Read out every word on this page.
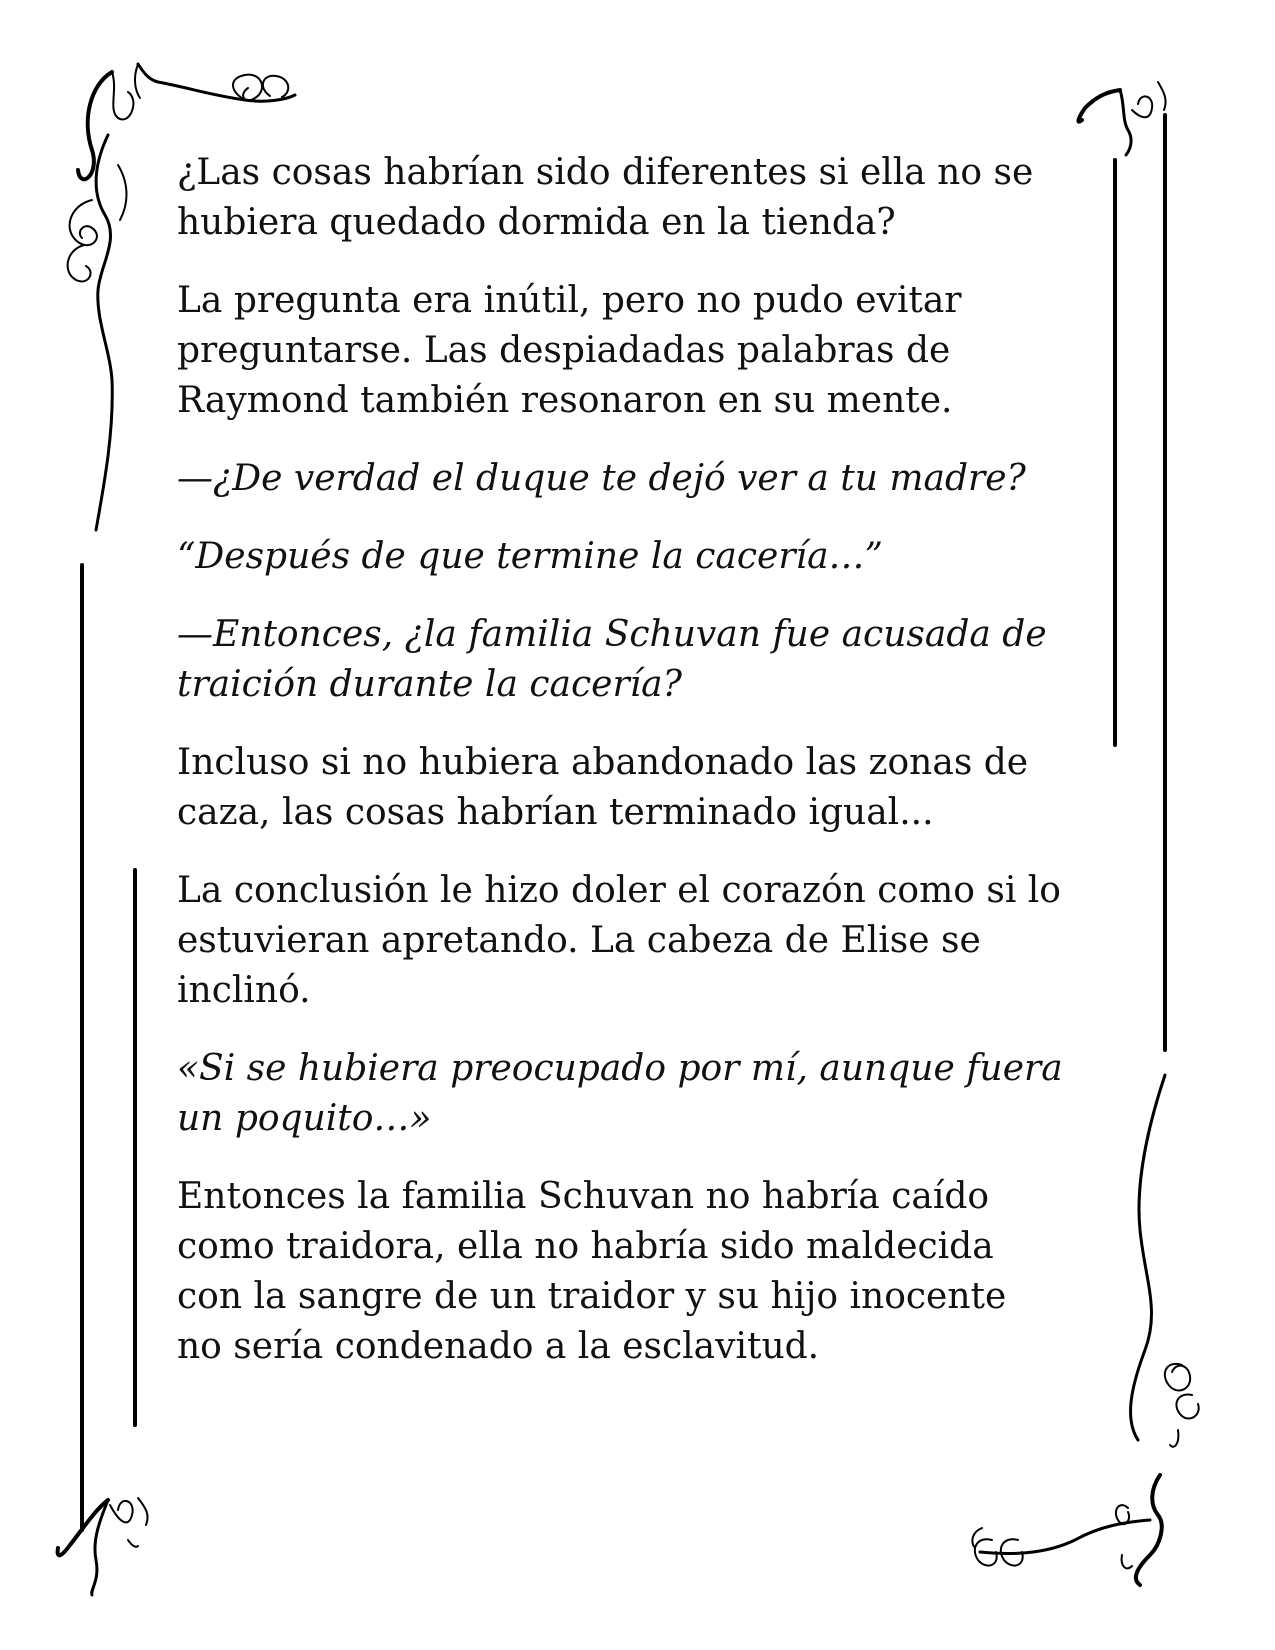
¿Las cosas habrían sido diferentes si ella no se
hubiera quedado dormida en la tienda?

La pregunta era inútil, pero no pudo evitar
preguntarse. Las despiadadas palabras de
Raymond también resonaron en su mente.

—¿De verdad el duque te dejó ver a tu madre?

“Después de que termine la cacería…”

—Entonces, ¿la familia Schuvan fue acusada de
traición durante la cacería?

Incluso si no hubiera abandonado las zonas de
caza, las cosas habrían terminado igual...

La conclusión le hizo doler el corazón como si lo
estuvieran apretando. La cabeza de Elise se
inclinó.

«Si se hubiera preocupado por mí, aunque fuera
un poquito…»

Entonces la familia Schuvan no habría caído
como traidora, ella no habría sido maldecida
con la sangre de un traidor y su hijo inocente
no sería condenado a la esclavitud.
